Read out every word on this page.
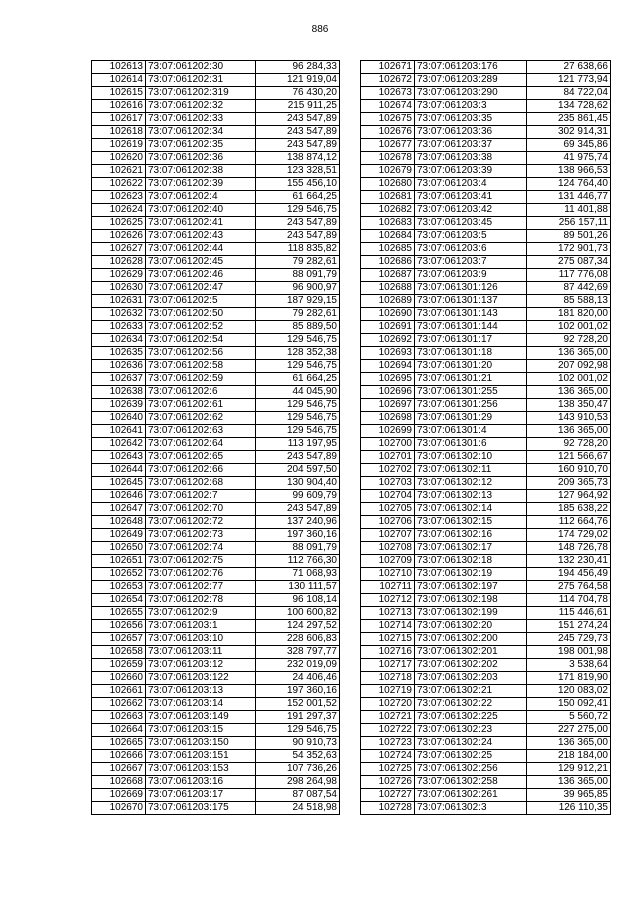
886
102613	73:07:061202:30	96 284,33
102614	73:07:061202:31	121 919,04
102615	73:07:061202:319	76 430,20
102616	73:07:061202:32	215 911,25
102617	73:07:061202:33	243 547,89
102618	73:07:061202:34	243 547,89
102619	73:07:061202:35	243 547,89
102620	73:07:061202:36	138 874,12
102621	73:07:061202:38	123 328,51
102622	73:07:061202:39	155 456,10
102623	73:07:061202:4	61 664,25
102624	73:07:061202:40	129 546,75
102625	73:07:061202:41	243 547,89
102626	73:07:061202:43	243 547,89
102627	73:07:061202:44	118 835,82
102628	73:07:061202:45	79 282,61
102629	73:07:061202:46	88 091,79
102630	73:07:061202:47	96 900,97
102631	73:07:061202:5	187 929,15
102632	73:07:061202:50	79 282,61
102633	73:07:061202:52	85 889,50
102634	73:07:061202:54	129 546,75
102635	73:07:061202:56	128 352,38
102636	73:07:061202:58	129 546,75
102637	73:07:061202:59	61 664,25
102638	73:07:061202:6	44 045,90
102639	73:07:061202:61	129 546,75
102640	73:07:061202:62	129 546,75
102641	73:07:061202:63	129 546,75
102642	73:07:061202:64	113 197,95
102643	73:07:061202:65	243 547,89
102644	73:07:061202:66	204 597,50
102645	73:07:061202:68	130 904,40
102646	73:07:061202:7	99 609,79
102647	73:07:061202:70	243 547,89
102648	73:07:061202:72	137 240,96
102649	73:07:061202:73	197 360,16
102650	73:07:061202:74	88 091,79
102651	73:07:061202:75	112 766,30
102652	73:07:061202:76	71 068,93
102653	73:07:061202:77	130 111,57
102654	73:07:061202:78	96 108,14
102655	73:07:061202:9	100 600,82
102656	73:07:061203:1	124 297,52
102657	73:07:061203:10	228 606,83
102658	73:07:061203:11	328 797,77
102659	73:07:061203:12	232 019,09
102660	73:07:061203:122	24 406,46
102661	73:07:061203:13	197 360,16
102662	73:07:061203:14	152 001,52
102663	73:07:061203:149	191 297,37
102664	73:07:061203:15	129 546,75
102665	73:07:061203:150	90 910,73
102666	73:07:061203:151	54 352,63
102667	73:07:061203:153	107 736,26
102668	73:07:061203:16	298 264,98
102669	73:07:061203:17	87 087,54
102670	73:07:061203:175	24 518,98
102671	73:07:061203:176	27 638,66
102672	73:07:061203:289	121 773,94
102673	73:07:061203:290	84 722,04
102674	73:07:061203:3	134 728,62
102675	73:07:061203:35	235 861,45
102676	73:07:061203:36	302 914,31
102677	73:07:061203:37	69 345,86
102678	73:07:061203:38	41 975,74
102679	73:07:061203:39	138 966,53
102680	73:07:061203:4	124 764,40
102681	73:07:061203:41	131 446,77
102682	73:07:061203:42	11 401,88
102683	73:07:061203:45	256 157,11
102684	73:07:061203:5	89 501,26
102685	73:07:061203:6	172 901,73
102686	73:07:061203:7	275 087,34
102687	73:07:061203:9	117 776,08
102688	73:07:061301:126	87 442,69
102689	73:07:061301:137	85 588,13
102690	73:07:061301:143	181 820,00
102691	73:07:061301:144	102 001,02
102692	73:07:061301:17	92 728,20
102693	73:07:061301:18	136 365,00
102694	73:07:061301:20	207 092,98
102695	73:07:061301:21	102 001,02
102696	73:07:061301:255	136 365,00
102697	73:07:061301:256	138 350,47
102698	73:07:061301:29	143 910,53
102699	73:07:061301:4	136 365,00
102700	73:07:061301:6	92 728,20
102701	73:07:061302:10	121 566,67
102702	73:07:061302:11	160 910,70
102703	73:07:061302:12	209 365,73
102704	73:07:061302:13	127 964,92
102705	73:07:061302:14	185 638,22
102706	73:07:061302:15	112 664,76
102707	73:07:061302:16	174 729,02
102708	73:07:061302:17	148 726,78
102709	73:07:061302:18	132 230,41
102710	73:07:061302:19	194 456,49
102711	73:07:061302:197	275 764,58
102712	73:07:061302:198	114 704,78
102713	73:07:061302:199	115 446,61
102714	73:07:061302:20	151 274,24
102715	73:07:061302:200	245 729,73
102716	73:07:061302:201	198 001,98
102717	73:07:061302:202	3 538,64
102718	73:07:061302:203	171 819,90
102719	73:07:061302:21	120 083,02
102720	73:07:061302:22	150 092,41
102721	73:07:061302:225	5 560,72
102722	73:07:061302:23	227 275,00
102723	73:07:061302:24	136 365,00
102724	73:07:061302:25	218 184,00
102725	73:07:061302:256	129 912,21
102726	73:07:061302:258	136 365,00
102727	73:07:061302:261	39 965,85
102728	73:07:061302:3	126 110,35
